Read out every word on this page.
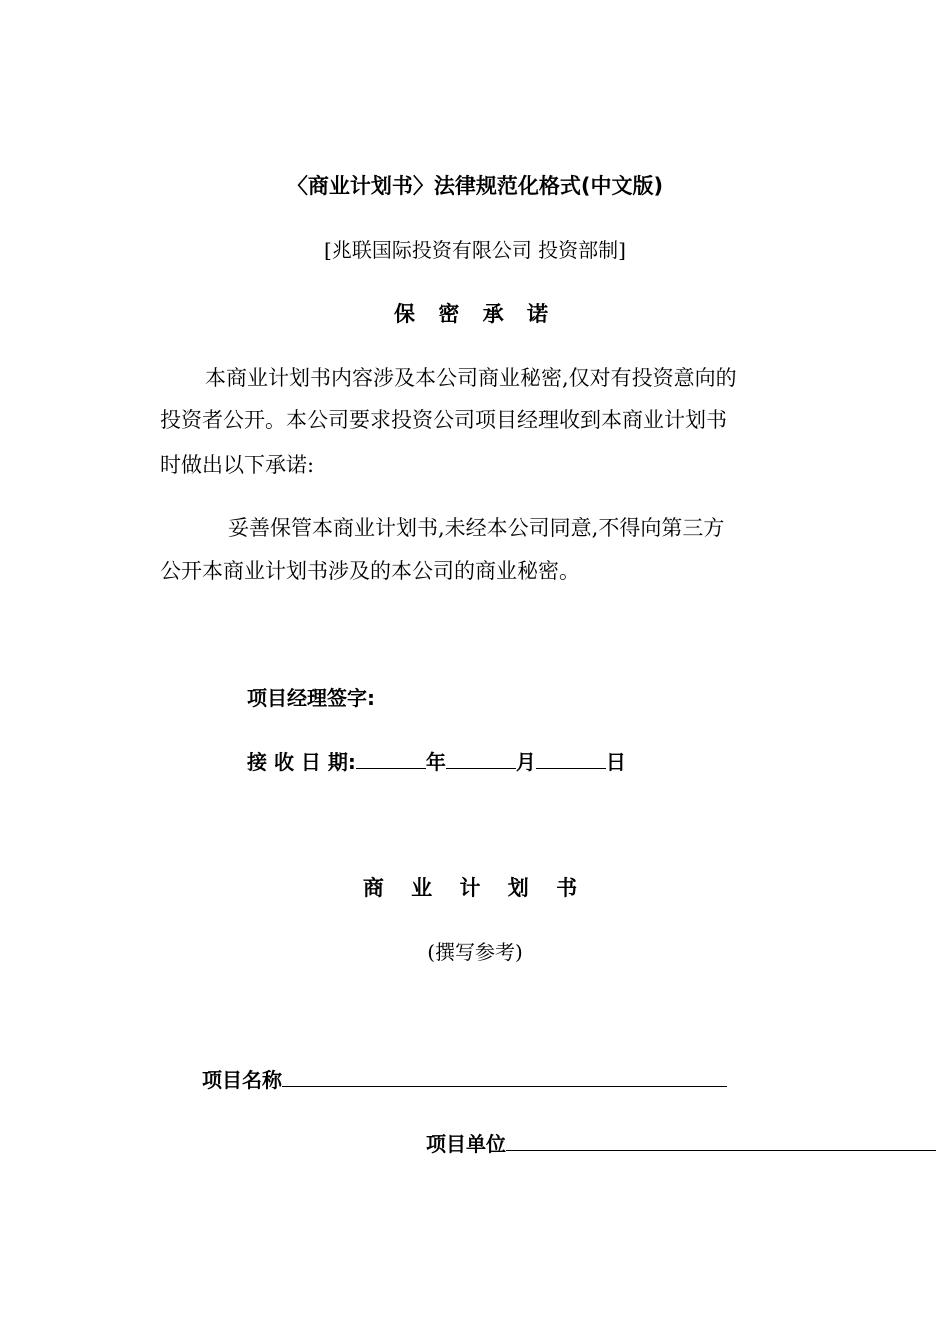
〈商业计划书〉法律规范化格式(中文版)
[兆联国际投资有限公司 投资部制]
保 密 承 诺
本商业计划书内容涉及本公司商业秘密,仅对有投资意向的
投资者公开。本公司要求投资公司项目经理收到本商业计划书
时做出以下承诺:
妥善保管本商业计划书,未经本公司同意,不得向第三方
公开本商业计划书涉及的本公司的商业秘密。
项目经理签字:
接 收 日 期:	年	月	日
商 业 计 划 书
(撰写参考)
项目名称
项目单位
